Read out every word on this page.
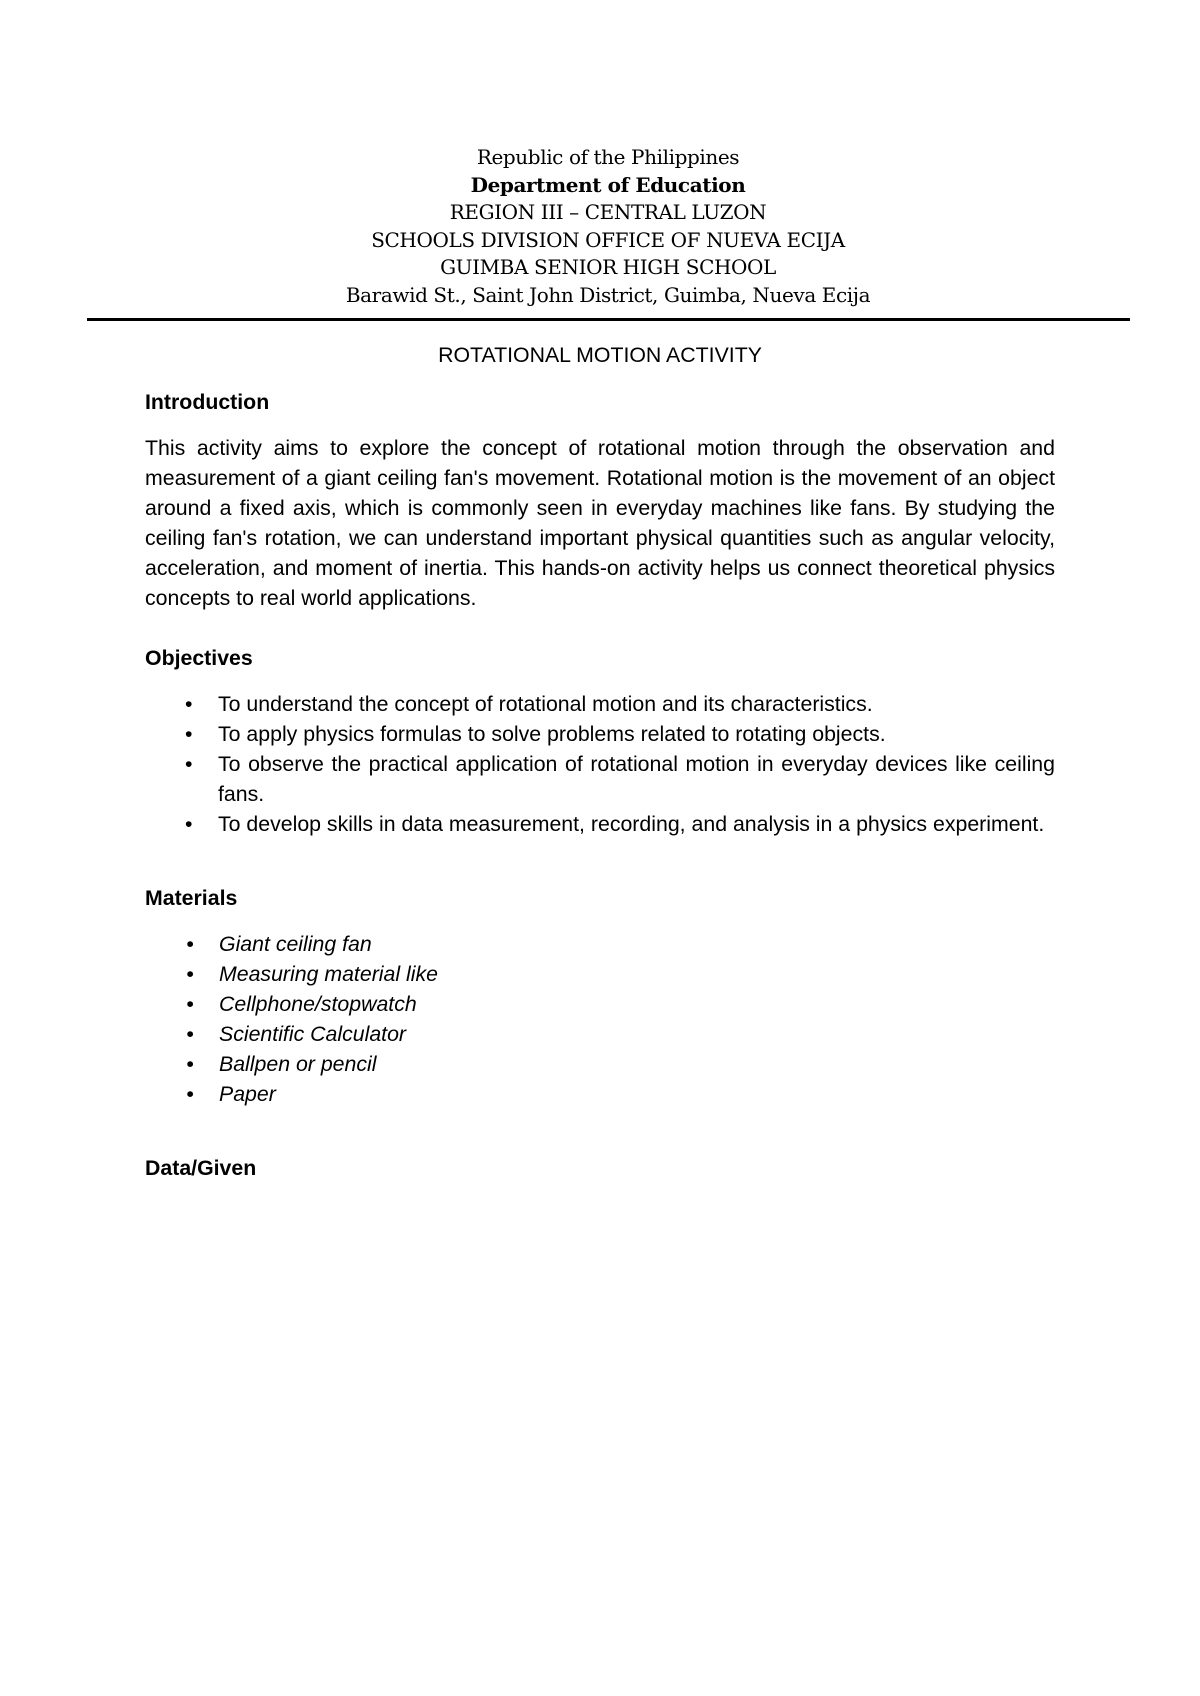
Republic of the Philippines
Department of Education
REGION III – CENTRAL LUZON
SCHOOLS DIVISION OFFICE OF NUEVA ECIJA
GUIMBA SENIOR HIGH SCHOOL
Barawid St., Saint John District, Guimba, Nueva Ecija
ROTATIONAL MOTION ACTIVITY
Introduction

This activity aims to explore the concept of rotational motion through the observation and measurement of a giant ceiling fan's movement. Rotational motion is the movement of an object around a fixed axis, which is commonly seen in everyday machines like fans. By studying the ceiling fan's rotation, we can understand important physical quantities such as angular velocity, acceleration, and moment of inertia. This hands-on activity helps us connect theoretical physics concepts to real world applications.

Objectives
• To understand the concept of rotational motion and its characteristics.
• To apply physics formulas to solve problems related to rotating objects.
• To observe the practical application of rotational motion in everyday devices like ceiling fans.
• To develop skills in data measurement, recording, and analysis in a physics experiment.
Materials
• Giant ceiling fan
• Measuring material like
• Cellphone/stopwatch
• Scientific Calculator
• Ballpen or pencil
• Paper
Data/Given
